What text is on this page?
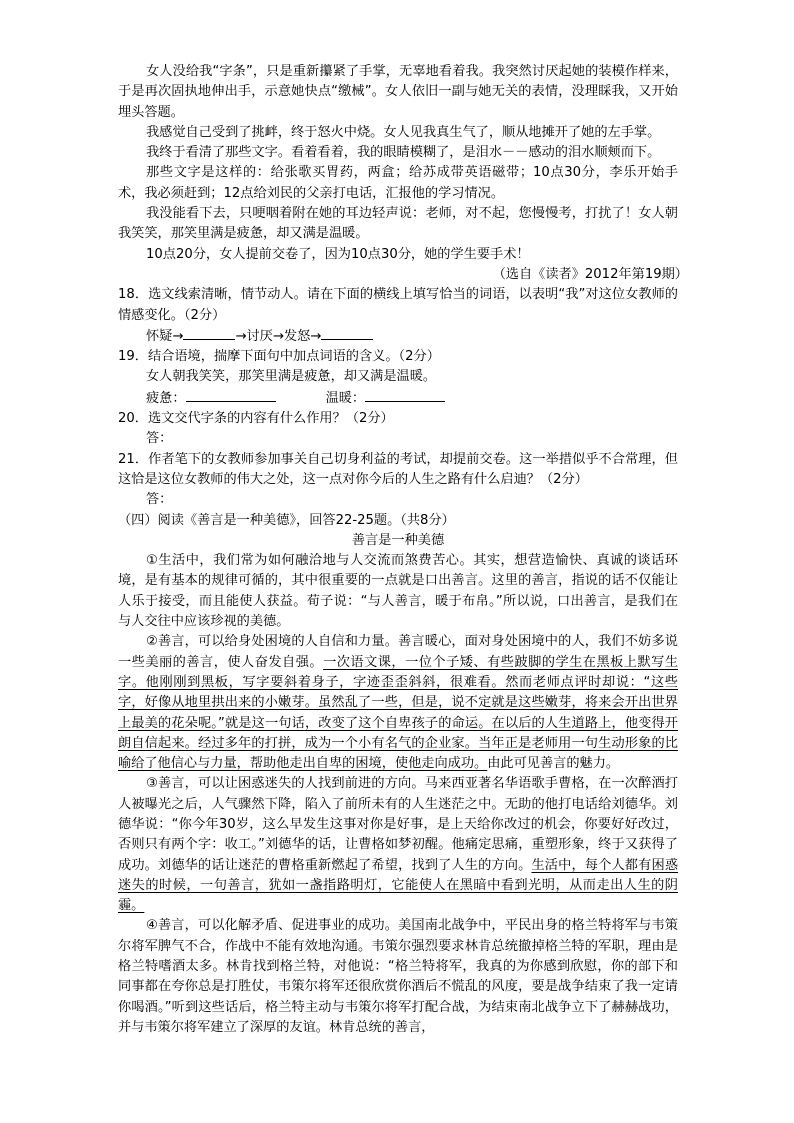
女人没给我“字条”，只是重新攥紧了手掌，无辜地看着我。我突然讨厌起她的装模作样来，于是再次固执地伸出手，示意她快点“缴械”。女人依旧一副与她无关的表情，没理睬我，又开始埋头答题。

我感觉自己受到了挑衅，终于怒火中烧。女人见我真生气了，顺从地摊开了她的左手掌。

我终于看清了那些文字。看着看着，我的眼睛模糊了，是泪水－－感动的泪水顺颊而下。

那些文字是这样的：给张歌买胃药，两盒；给苏成带英语磁带；10点30分，李乐开始手术，我必须赶到；12点给刘民的父亲打电话，汇报他的学习情况。

我没能看下去，只哽咽着附在她的耳边轻声说：老师，对不起，您慢慢考，打扰了！女人朝我笑笑，那笑里满是疲惫，却又满是温暖。

10点20分，女人提前交卷了，因为10点30分，她的学生要手术！

（选自《读者》2012年第19期）

18．选文线索清晰，情节动人。请在下面的横线上填写恰当的词语，以表明“我”对这位女教师的情感变化。（2分）

怀疑→	→讨厌→发怒→

19．结合语境，揣摩下面句中加点词语的含义。（2分）

女人朝我笑笑，那笑里满是疲惫，却又满是温暖。

疲惫：	温暖：

20．选文交代字条的内容有什么作用？（2分）

答：

21．作者笔下的女教师参加事关自己切身利益的考试，却提前交卷。这一举措似乎不合常理，但这恰是这位女教师的伟大之处，这一点对你今后的人生之路有什么启迪？（2分）

答：

（四）阅读《善言是一种美德》，回答22-25题。（共8分）

善言是一种美德

①生活中，我们常为如何融洽地与人交流而煞费苦心。其实，想营造愉快、真诚的谈话环境，是有基本的规律可循的，其中很重要的一点就是口出善言。这里的善言，指说的话不仅能让人乐于接受，而且能使人获益。荀子说：“与人善言，暖于布帛。”所以说，口出善言，是我们在与人交往中应该珍视的美德。

②善言，可以给身处困境的人自信和力量。善言暖心，面对身处困境中的人，我们不妨多说一些美丽的善言，使人奋发自强。一次语文课，一位个子矮、有些跛脚的学生在黑板上默写生字。他刚刚到黑板，写字要斜着身子，字迹歪歪斜斜，很难看。然而老师点评时却说：“这些字，好像从地里拱出来的小嫩芽。虽然乱了一些，但是，说不定就是这些嫩芽，将来会开出世界上最美的花朵呢。”就是这一句话，改变了这个自卑孩子的命运。在以后的人生道路上，他变得开朗自信起来。经过多年的打拼，成为一个小有名气的企业家。当年正是老师用一句生动形象的比喻给了他信心与力量，帮助他走出自卑的困境，使他走向成功。由此可见善言的魅力。

③善言，可以让困惑迷失的人找到前进的方向。马来西亚著名华语歌手曹格，在一次醉酒打人被曝光之后，人气骤然下降，陷入了前所未有的人生迷茫之中。无助的他打电话给刘德华。刘德华说：“你今年30岁，这么早发生这事对你是好事，是上天给你改过的机会，你要好好改过，否则只有两个字：收工。”刘德华的话，让曹格如梦初醒。他痛定思痛，重塑形象，终于又获得了成功。刘德华的话让迷茫的曹格重新燃起了希望，找到了人生的方向。生活中，每个人都有困惑迷失的时候，一句善言，犹如一盏指路明灯，它能使人在黑暗中看到光明，从而走出人生的阴霾。

④善言，可以化解矛盾、促进事业的成功。美国南北战争中，平民出身的格兰特将军与韦策尔将军脾气不合，作战中不能有效地沟通。韦策尔强烈要求林肯总统撤掉格兰特的军职，理由是格兰特嗜酒太多。林肯找到格兰特，对他说：“格兰特将军，我真的为你感到欣慰，你的部下和同事都在夸你总是打胜仗，韦策尔将军还很欣赏你酒后不慌乱的风度，要是战争结束了我一定请你喝酒。”听到这些话后，格兰特主动与韦策尔将军打配合战，为结束南北战争立下了赫赫战功，并与韦策尔将军建立了深厚的友谊。林肯总统的善言，
